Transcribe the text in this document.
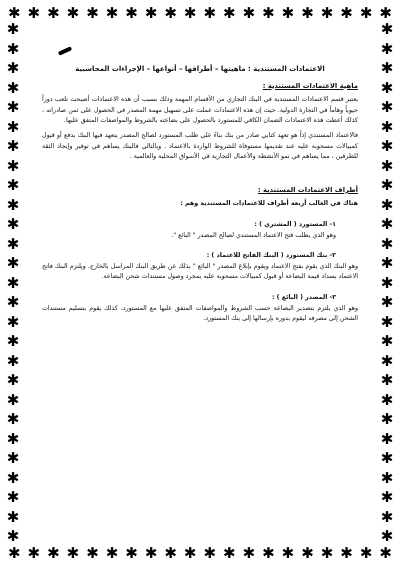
✱ ✱ ✱ ✱ ✱ ✱ ✱ ✱ ✱ ✱ ✱ ✱ ✱ ✱ ✱ ✱ ✱ ✱ ✱ ✱
✱ ✱ ✱ ✱ ✱ ✱ ✱ ✱ ✱ ✱ ✱ ✱ ✱ ✱ ✱ ✱ ✱ ✱ ✱ ✱
✱
✱
✱
✱
✱
✱
✱
✱
✱
✱
✱
✱
✱
✱
✱
✱
✱
✱
✱
✱
✱
✱
✱
✱
✱
✱
✱
✱
✱
✱
✱
✱
✱
✱
✱
✱
✱
✱
✱
✱
✱
✱
✱
✱
✱
✱
✱
✱
✱
✱
✱
✱
✱
✱

الاعتمادات المستندية : ماهيتها – أطرافها – أنواعها – الإجراءات المحاسبية

ماهية الاعتمادات المستندية :

يعتبر قسم الاعتمادات المستندية في البنك التجاري من الأقسام المهمة وذلك بسبب أن هذه الاعتمادات أصبحت تلعب دوراً حيوياً وهاماً في التجارة الدولية. حيث إن هذه الاعتمادات عملت على تسهيل مهمة المصدر في الحصول على ثمن صادراته ، كذلك أعطت هذه الاعتمادات الضمان الكافي للمستورد بالحصول على بضاعته بالشروط والمواصفات المتفق عليها.

فالاعتماد المستندي إذاً هو تعهد كتابي صادر من بنك بناءً على طلب المستورد لصالح المصدر يتعهد فيها البنك بدفع أو قبول كمبيالات مسحوبة عليه عند تقديمها مستوفاة للشروط الواردة بالاعتماد . وبالتالي فالبنك يساهم في توفير وإيجاد الثقة للطرفين ، مما يساهم في نمو الأنشطة والأعمال التجارية في الأسواق المحلية والعالمية .

أطراف الاعتمادات المستندية :

هناك في الغالب أربعة أطراف للاعتمادات المستندية وهم :

١- المستورد ( المشتري ) :

وهو الذي يطلب فتح الاعتماد المستندي لصالح المصدر " البائع ".

٢- بنك المستورد ( البنك الفاتح للاعتماد ) :

وهو البنك الذي يقوم بفتح الاعتماد ويقوم بإبلاغ المصدر " البائع " بذلك عن طريق البنك المراسل بالخارج. ويلتزم البنك فاتح الاعتماد بسداد قيمة البضاعة أو قبول كمبيالات مسحوبة عليه بمجرد وصول مستندات شحن البضاعة.

٣- المصدر ( البائع ) :

وهو الذي يلتزم بتصدير البضاعة حسب الشروط والمواصفات المتفق عليها مع المستورد، كذلك يقوم بتسليم مستندات الشحن إلى مصرفه ليقوم بدوره بإرسالها إلى بنك المستورد.
